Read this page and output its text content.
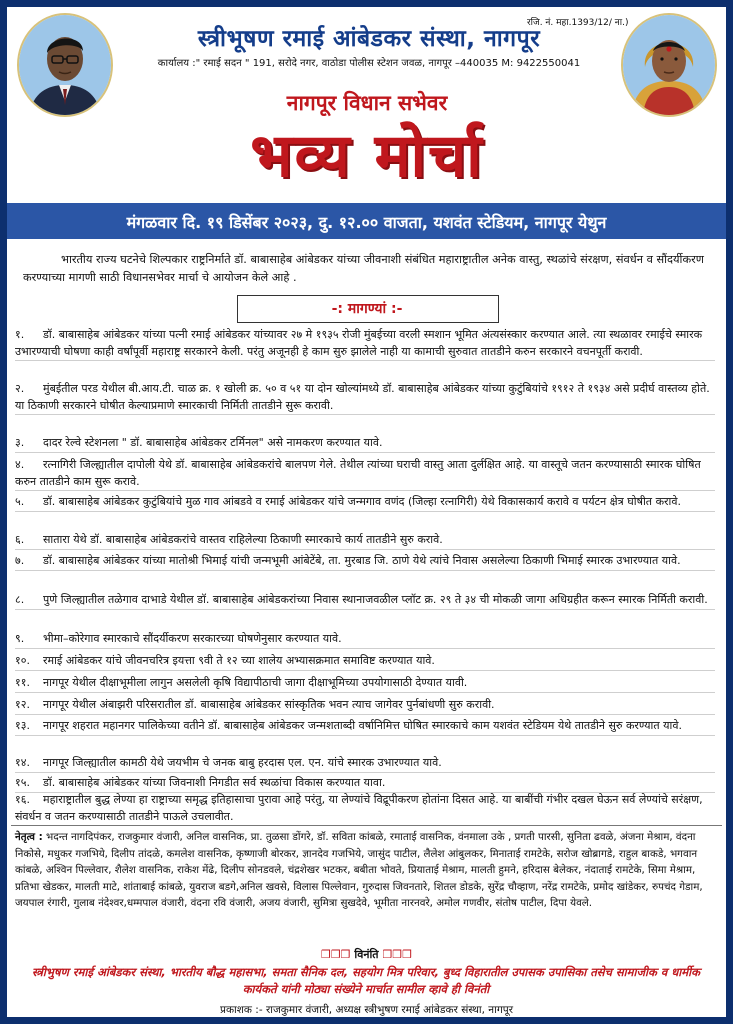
रजि. नं. महा.1393/12/ ना.)
स्त्रीभूषण रमाई आंबेडकर संस्था, नागपूर
कार्यालय :" रमाई सदन " 191, सरोदे नगर, वाठोडा पोलीस स्टेशन जवळ, नागपूर –440035 M: 9422550041
नागपूर विधान सभेवर
भव्य मोर्चा
मंगळवार दि. १९ डिसेंबर २०२३, दु. १२.०० वाजता, यशवंत स्टेडियम, नागपूर येथुन
भारतीय राज्य घटनेचे शिल्पकार राष्ट्रनिर्माते डॉ. बाबासाहेब आंबेडकर यांच्या जीवनाशी संबंधित महाराष्ट्रातील अनेक वास्तु, स्थळांचे संरक्षण, संवर्धन व सौंदर्यीकरण करण्याच्या मागणी साठी विधानसभेवर मार्चा चे आयोजन केले आहे .
-: मागण्यां :-
१. डॉ. बाबासाहेब आंबेडकर यांच्या पत्नी रमाई आंबेडकर यांच्यावर २७ मे १९३५ रोजी मुंबईच्या वरली स्मशान भूमित अंत्यसंस्कार करण्यात आले. त्या स्थळावर रमाईचे स्मारक उभारण्याची घोषणा काही वर्षांपूर्वी महाराष्ट्र सरकारने केली. परंतु अजूनही हे काम सुरु झालेले नाही या कामाची सुरुवात तातडीने करुन सरकारने वचनपूर्ती करावी.
२. मुंबईतील परड येथील बी.आय.टी. चाळ क्र. १ खोली क्र. ५० व ५१ या दोन खोल्यांमध्ये डॉ. बाबासाहेब आंबेडकर यांच्या कुटुंबियांचे १९१२ ते १९३४ असे प्रदीर्घ वास्तव्य होते. या ठिकाणी सरकारने घोषीत केल्याप्रमाणे स्मारकाची निर्मिती तातडीने सुरू करावी.
३. दादर रेल्वे स्टेशनला " डॉ. बाबासाहेब आंबेडकर टर्मिनल" असे नामकरण करण्यात यावे.
४. रत्नागिरी जिल्ह्यातील दापोली येथे डॉ. बाबासाहेब आंबेडकरांचे बालपण गेले. तेथील त्यांच्या घराची वास्तु आता दुर्लक्षित आहे. या वास्तूचे जतन करण्यासाठी स्मारक घोषित करुन तातडीने काम सुरू करावे.
५. डॉ. बाबासाहेब आंबेडकर कुटुंबियांचे मुळ गाव आंबडवे व रमाई आंबेडकर यांचे जन्मगाव वणंद (जिल्हा रत्नागिरी) येथे विकासकार्य करावे व पर्यटन क्षेत्र घोषीत करावे.
६. सातारा येथे डॉ. बाबासाहेब आंबेडकरांचे वास्तव राहिलेल्या ठिकाणी स्मारकाचे कार्य तातडीने सुरु करावे.
७. डॉ. बाबासाहेब आंबेडकर यांच्या मातोश्री भिमाई यांची जन्मभूमी आंबेटेंबे, ता. मुरबाड जि. ठाणे येथे त्यांचे निवास असलेल्या ठिकाणी भिमाई स्मारक उभारण्यात यावे.
८. पुणे जिल्ह्यातील तळेगाव दाभाडे येथील डॉ. बाबासाहेब आंबेडकरांच्या निवास स्थानाजवळील प्लॉट क्र. २९ ते ३४ ची मोकळी जागा अधिग्रहीत करून स्मारक निर्मिती करावी.
९. भीमा–कोरेगाव स्मारकाचे सौंदर्यीकरण सरकारच्या घोषणेनुसार करण्यात यावे.
१०. रमाई आंबेडकर यांचे जीवनचरित्र इयत्ता ९वी ते १२ च्या शालेय अभ्यासक्रमात समाविष्ट करण्यात यावे.
११. नागपूर येथील दीक्षाभूमीला लागुन असलेली कृषि विद्यापीठाची जागा दीक्षाभूमिच्या उपयोगासाठी देण्यात यावी.
१२. नागपूर येथील अंबाझरी परिसरातील डॉ. बाबासाहेब आंबेडकर सांस्कृतिक भवन त्याच जागेवर पुर्नबांधणी सुरु करावी.
१३. नागपूर शहरात महानगर पालिकेच्या वतीने डॉ. बाबासाहेब आंबेडकर जन्मशताब्दी वर्षानिमित्त घोषित स्मारकाचे काम यशवंत स्टेडियम येथे तातडीने सुरु करण्यात यावे.
१४. नागपूर जिल्ह्यातील कामठी येथे जयभीम चे जनक बाबु हरदास एल. एन. यांचे स्मारक उभारण्यात यावे.
१५. डॉ. बाबासाहेब आंबेडकर यांच्या जिवनाशी निगडीत सर्व स्थळांचा विकास करण्यात यावा.
१६. महाराष्ट्रातील बुद्ध लेण्या हा राष्ट्राच्या समृद्ध इतिहासाचा पुरावा आहे परंतु, या लेण्यांचे विद्रूपीकरण होतांना दिसत आहे. या बाबींची गंभीर दखल घेऊन सर्व लेण्यांचे सरंक्षण, संवर्धन व जतन करण्यासाठी तातडीने पाऊले उचलावीत.
नेतृत्व : भदन्त नागदिपंकर, राजकुमार वंजारी, अनिल वासनिक, प्रा. तुळसा डोंगरे, डॉ. सविता कांबळे, रमाताई वासनिक, वंनमाला उके , प्रगती पारसी, सुनिता ढवळे, अंजना मेश्राम, वंदना निकोसे, मधुकर गजभिये, दिलीप तांदळे, कमलेश वासनिक, कृष्णाजी बोरकर, ज्ञानदेव गजभिये, जासुंद पाटील, लैलेश आंबुलकर, मिनाताई रामटेके, सरोज खोब्रागडे, राहुल बाकडे, भगवान कांबळे, अश्विन पिल्लेवार, शैलेश वासनिक, राकेश मेंढे, दिलीप सोनडवले, चंद्रशेखर भटकर, बबीता भोवते, प्रियाताई मेश्राम, मालती हुमने, हरिदास बेलेकर, नंदाताई रामटेके, सिमा मेश्राम, प्रतिभा खेडकर, मालती माटे, शांताबाई कांबळे, युवराज बडगे,अनिल खवसे, विलास पिल्लेवान, गुरुदास जिवनतारे, शितल डोडके, सुरेंद्र चौव्हाण, नरेंद्र रामटेके, प्रमोद खांडेकर, रुपचंद गेडाम, जयपाल रंगारी, गुलाब नंदेश्वर,धम्मपाल वंजारी, वंदना रवि वंजारी, अजय वंजारी, सुमित्रा सुखदेवे, भूमीता नारनवरे, अमोल गणवीर, संतोष पाटील, दिपा येवले.
❒❒❒ विनंति ❒❒❒
स्त्रीभुषण रमाई आंबेडकर संस्था, भारतीय बौद्ध महासभा, समता सैनिक दल, सहयोग मित्र परिवार, बुध्द विहारातील उपासक उपासिका तसेच सामाजीक व धार्मीक कार्यकते यांनी मोठ्या संख्येने मार्चात सामील व्हावे ही विनंती
प्रकाशक :- राजकुमार वंजारी, अध्यक्ष स्त्रीभुषण रमाई आंबेडकर संस्था, नागपूर
